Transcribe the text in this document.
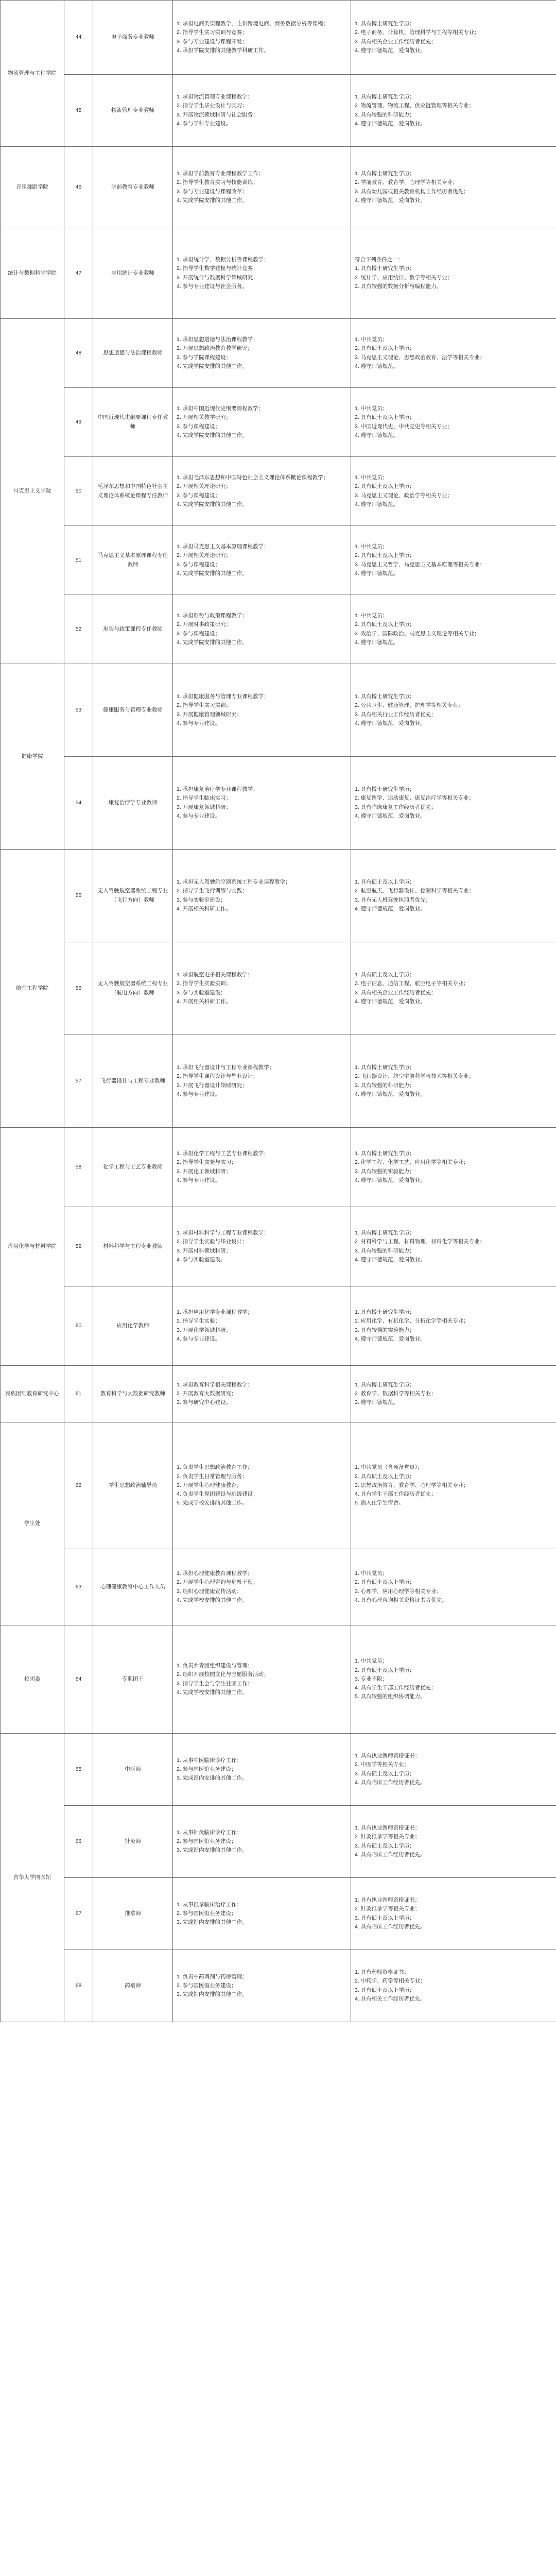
物流管理与工程学院	44	电子商务专业教师	1. 承担电商类课程教学，主讲跨境电商、商务数据分析等课程；
2. 指导学生实习实训与竞赛；
3. 参与专业建设与课程开发；
4. 承担学院安排的其他教学科研工作。	1. 具有博士研究生学历；
2. 电子商务、计算机、管理科学与工程等相关专业；
3. 具有相关企业工作经历者优先；
4. 遵守师德规范，爱岗敬业。

	45	物流管理专业教师	1. 承担物流管理专业课程教学；
2. 指导学生毕业设计与实习；
3. 开展物流领域科研与社会服务；
4. 参与学科专业建设。	1. 具有博士研究生学历；
2. 物流管理、物流工程、供应链管理等相关专业；
3. 具有较强的科研能力；
4. 遵守师德规范，爱岗敬业。

音乐舞蹈学院	46	学前教育专业教师	1. 承担学前教育专业课程教学工作；
2. 指导学生教育实习与技能训练；
3. 参与专业建设与课程改革；
4. 完成学院安排的其他工作。	1. 具有博士研究生学历；
2. 学前教育、教育学、心理学等相关专业；
3. 具有幼儿园或相关教育机构工作经历者优先；
4. 遵守师德规范，爱岗敬业。

统计与数据科学学院	47	应用统计专业教师	1. 承担统计学、数据分析等课程教学；
2. 指导学生数学建模与统计竞赛；
3. 开展统计与数据科学领域研究；
4. 参与专业建设与社会服务。	符合下列条件之一：
1. 具有博士研究生学历；
2. 统计学、应用统计、数学等相关专业；
3. 具有较强的数据分析与编程能力。

马克思主义学院	48	思想道德与法治课程教师	1. 承担思想道德与法治课程教学；
2. 开展思想政治教育教学研究；
3. 参与学院课程建设；
4. 完成学院安排的其他工作。	1. 中共党员；
2. 具有硕士及以上学历；
3. 马克思主义理论、思想政治教育、法学等相关专业；
4. 遵守师德规范。

	49	中国近现代史纲要课程专任教师	1. 承担中国近现代史纲要课程教学；
2. 开展相关教学研究；
3. 参与课程建设；
4. 完成学院安排的其他工作。	1. 中共党员；
2. 具有硕士及以上学历；
3. 中国近现代史、中共党史等相关专业；
4. 遵守师德规范。

	50	毛泽东思想和中国特色社会主义理论体系概论课程专任教师	1. 承担毛泽东思想和中国特色社会主义理论体系概论课程教学；
2. 开展相关理论研究；
3. 参与课程建设；
4. 完成学院安排的其他工作。	1. 中共党员；
2. 具有硕士及以上学历；
3. 马克思主义理论、政治学等相关专业；
4. 遵守师德规范。

	51	马克思主义基本原理课程专任教师	1. 承担马克思主义基本原理课程教学；
2. 开展相关理论研究；
3. 参与课程建设；
4. 完成学院安排的其他工作。	1. 中共党员；
2. 具有硕士及以上学历；
3. 马克思主义哲学、马克思主义基本原理等相关专业；
4. 遵守师德规范。

	52	形势与政策课程专任教师	1. 承担形势与政策课程教学；
2. 开展时事政策研究；
3. 参与课程建设；
4. 完成学院安排的其他工作。	1. 中共党员；
2. 具有硕士及以上学历；
3. 政治学、国际政治、马克思主义理论等相关专业；
4. 遵守师德规范。

健康学院	53	健康服务与管理专业教师	1. 承担健康服务与管理专业课程教学；
2. 指导学生实习实训；
3. 开展健康管理领域研究；
4. 参与专业建设。	1. 具有博士研究生学历；
2. 公共卫生、健康管理、护理学等相关专业；
3. 具有相关行业工作经历者优先；
4. 遵守师德规范，爱岗敬业。

	54	康复治疗学专业教师	1. 承担康复治疗学专业课程教学；
2. 指导学生临床实习；
3. 开展康复领域科研；
4. 参与专业建设。	1. 具有博士研究生学历；
2. 康复医学、运动康复、康复治疗学等相关专业；
3. 具有临床康复工作经历者优先；
4. 遵守师德规范，爱岗敬业。

航空工程学院	55	无人驾驶航空器系统工程专业（飞行方向）教师	1. 承担无人驾驶航空器系统工程专业课程教学；
2. 指导学生飞行训练与实践；
3. 参与实验室建设；
4. 开展相关科研工作。	1. 具有硕士及以上学历；
2. 航空航天、飞行器设计、控制科学等相关专业；
3. 具有无人机驾驶执照者优先；
4. 遵守师德规范，爱岗敬业。

	56	无人驾驶航空器系统工程专业（航电方向）教师	1. 承担航空电子相关课程教学；
2. 指导学生实验实训；
3. 参与实验室建设；
4. 开展相关科研工作。	1. 具有硕士及以上学历；
2. 电子信息、通信工程、航空电子等相关专业；
3. 具有相关企业工作经历者优先；
4. 遵守师德规范，爱岗敬业。

	57	飞行器设计与工程专业教师	1. 承担飞行器设计与工程专业课程教学；
2. 指导学生课程设计与毕业设计；
3. 开展飞行器设计领域研究；
4. 参与专业建设。	1. 具有博士研究生学历；
2. 飞行器设计、航空宇航科学与技术等相关专业；
3. 具有较强的科研能力；
4. 遵守师德规范，爱岗敬业。

应用化学与材料学院	58	化学工程与工艺专业教师	1. 承担化学工程与工艺专业课程教学；
2. 指导学生实验与实习；
3. 开展化工领域科研；
4. 参与专业建设。	1. 具有博士研究生学历；
2. 化学工程、化学工艺、应用化学等相关专业；
3. 具有较强的实验能力；
4. 遵守师德规范，爱岗敬业。

	59	材料科学与工程专业教师	1. 承担材料科学与工程专业课程教学；
2. 指导学生实验与毕业设计；
3. 开展材料领域科研；
4. 参与实验室建设。	1. 具有博士研究生学历；
2. 材料科学与工程、材料物理、材料化学等相关专业；
3. 具有较强的科研能力；
4. 遵守师德规范，爱岗敬业。

	60	应用化学教师	1. 承担应用化学专业课程教学；
2. 指导学生实验；
3. 开展化学领域科研；
4. 参与专业建设。	1. 具有博士研究生学历；
2. 应用化学、有机化学、分析化学等相关专业；
3. 具有较强的实验能力；
4. 遵守师德规范，爱岗敬业。

民族团结教育研究中心	61	教育科学与大数据研究教师	1. 承担教育科学相关课程教学；
2. 开展教育大数据研究；
3. 参与研究中心建设。	1. 具有博士研究生学历；
2. 教育学、数据科学等相关专业；
3. 遵守师德规范。

学生处	62	学生思想政治辅导员	1. 负责学生思想政治教育工作；
2. 负责学生日常管理与服务；
3. 开展学生心理健康教育；
4. 负责学生党团建设与班级建设；
5. 完成学校安排的其他工作。	1. 中共党员（含预备党员）；
2. 具有硕士及以上学历；
3. 思想政治教育、教育学、心理学等相关专业；
4. 具有学生干部工作经历者优先；
5. 需入住学生宿舍。

	63	心理健康教育中心工作人员	1. 承担心理健康教育课程教学；
2. 开展学生心理咨询与危机干预；
3. 组织心理健康宣传活动；
4. 完成学校安排的其他工作。	1. 中共党员；
2. 具有硕士及以上学历；
3. 心理学、应用心理学等相关专业；
4. 具有心理咨询相关资格证书者优先。

校团委	64	专职团干	1. 负责共青团组织建设与管理；
2. 组织开展校园文化与志愿服务活动；
3. 指导学生会与学生社团工作；
4. 完成学校安排的其他工作。	1. 中共党员；
2. 具有硕士及以上学历；
3. 专业不限；
4. 具有学生干部工作经历者优先；
5. 具有较强的组织协调能力。

吉华大学国医馆	65	中医师	1. 从事中医临床诊疗工作；
2. 参与国医馆业务建设；
3. 完成馆内安排的其他工作。	1. 具有执业医师资格证书；
2. 中医学等相关专业；
3. 具有硕士及以上学历；
4. 具有临床工作经历者优先。

	66	针灸师	1. 从事针灸临床诊疗工作；
2. 参与国医馆业务建设；
3. 完成馆内安排的其他工作。	1. 具有执业医师资格证书；
2. 针灸推拿学等相关专业；
3. 具有硕士及以上学历；
4. 具有临床工作经历者优先。

	67	推拿师	1. 从事推拿临床治疗工作；
2. 参与国医馆业务建设；
3. 完成馆内安排的其他工作。	1. 具有执业医师资格证书；
2. 针灸推拿学等相关专业；
3. 具有硕士及以上学历；
4. 具有临床工作经历者优先。

	68	药剂师	1. 负责中药调剂与药房管理；
2. 参与国医馆业务建设；
3. 完成馆内安排的其他工作。	1. 具有药师资格证书；
2. 中药学、药学等相关专业；
3. 具有硕士及以上学历；
4. 具有相关工作经历者优先。
